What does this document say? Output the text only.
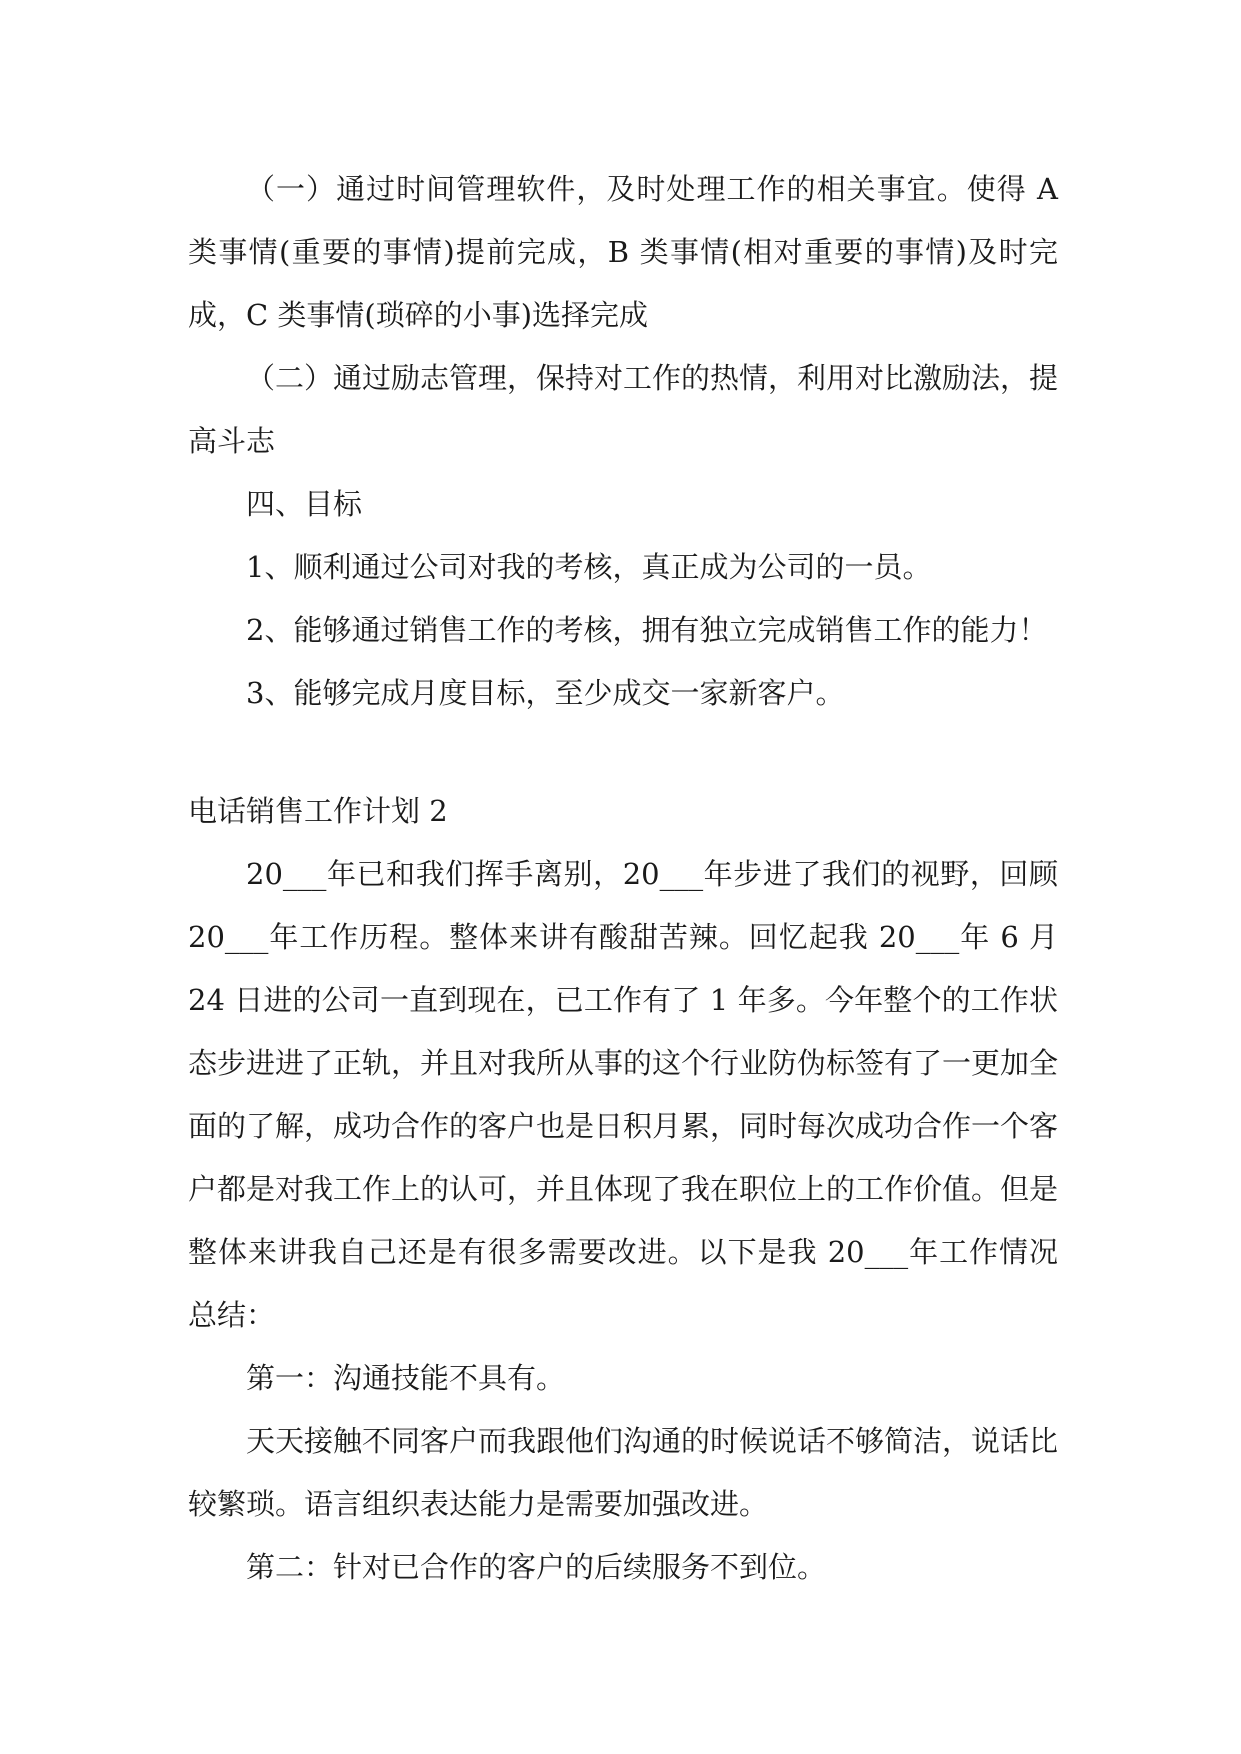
（一）通过时间管理软件，及时处理工作的相关事宜。使得 A 类事情(重要的事情)提前完成，B 类事情(相对重要的事情)及时完成，C 类事情(琐碎的小事)选择完成

（二）通过励志管理，保持对工作的热情，利用对比激励法，提高斗志

四、目标

1、顺利通过公司对我的考核，真正成为公司的一员。

2、能够通过销售工作的考核，拥有独立完成销售工作的能力！

3、能够完成月度目标，至少成交一家新客户。

电话销售工作计划 2

20___年已和我们挥手离别，20___年步进了我们的视野，回顾 20___年工作历程。整体来讲有酸甜苦辣。回忆起我 20___年 6 月 24 日进的公司一直到现在，已工作有了 1 年多。今年整个的工作状态步进进了正轨，并且对我所从事的这个行业防伪标签有了一更加全面的了解，成功合作的客户也是日积月累，同时每次成功合作一个客户都是对我工作上的认可，并且体现了我在职位上的工作价值。但是整体来讲我自己还是有很多需要改进。以下是我 20___年工作情况总结：

第一：沟通技能不具有。

天天接触不同客户而我跟他们沟通的时候说话不够简洁，说话比较繁琐。语言组织表达能力是需要加强改进。

第二：针对已合作的客户的后续服务不到位。
